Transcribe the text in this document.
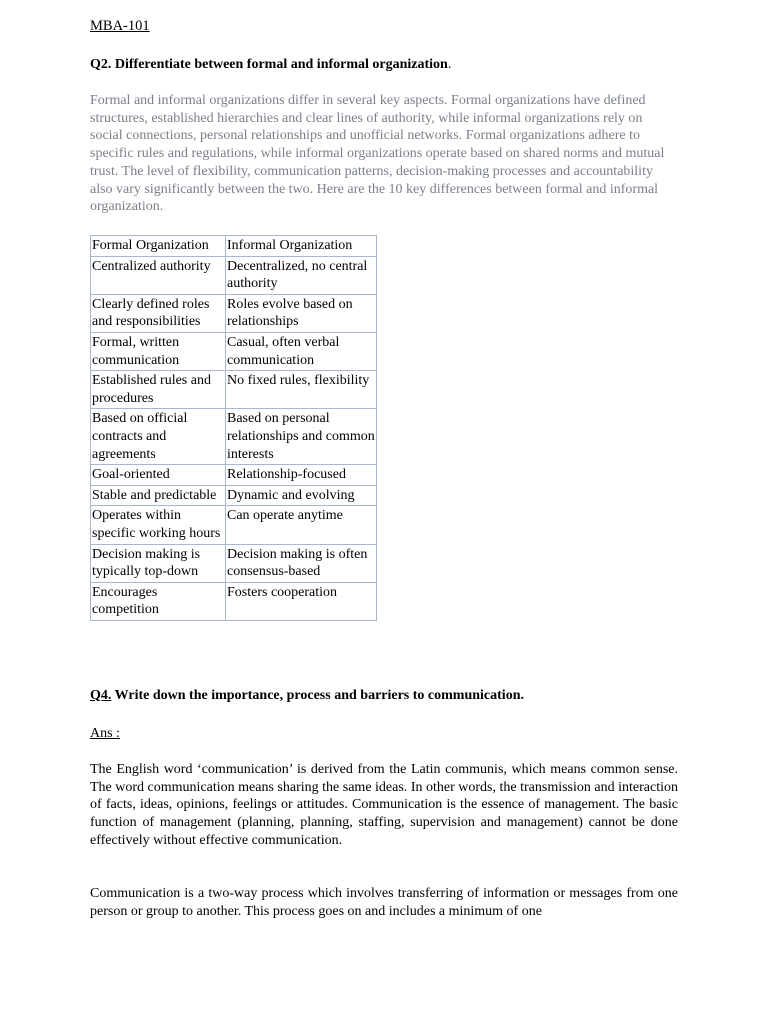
MBA-101
Q2. Differentiate between formal and informal organization.
Formal and informal organizations differ in several key aspects. Formal organizations have defined structures, established hierarchies and clear lines of authority, while informal organizations rely on social connections, personal relationships and unofficial networks. Formal organizations adhere to specific rules and regulations, while informal organizations operate based on shared norms and mutual trust. The level of flexibility, communication patterns, decision-making processes and accountability also vary significantly between the two. Here are the 10 key differences between formal and informal organization.
Formal Organization	Informal Organization
Centralized authority	Decentralized, no central authority
Clearly defined roles and responsibilities	Roles evolve based on relationships
Formal, written communication	Casual, often verbal communication
Established rules and procedures	No fixed rules, flexibility
Based on official contracts and agreements	Based on personal relationships and common interests
Goal-oriented	Relationship-focused
Stable and predictable	Dynamic and evolving
Operates within specific working hours	Can operate anytime
Decision making is typically top-down	Decision making is often consensus-based
Encourages competition	Fosters cooperation
Q4. Write down the importance, process and barriers to communication.
Ans :
The English word ‘communication’ is derived from the Latin communis, which means common sense. The word communication means sharing the same ideas. In other words, the transmission and interaction of facts, ideas, opinions, feelings or attitudes. Communication is the essence of management. The basic function of management (planning, planning, staffing, supervision and management) cannot be done effectively without effective communication.
Communication is a two-way process which involves transferring of information or messages from one person or group to another. This process goes on and includes a minimum of one
